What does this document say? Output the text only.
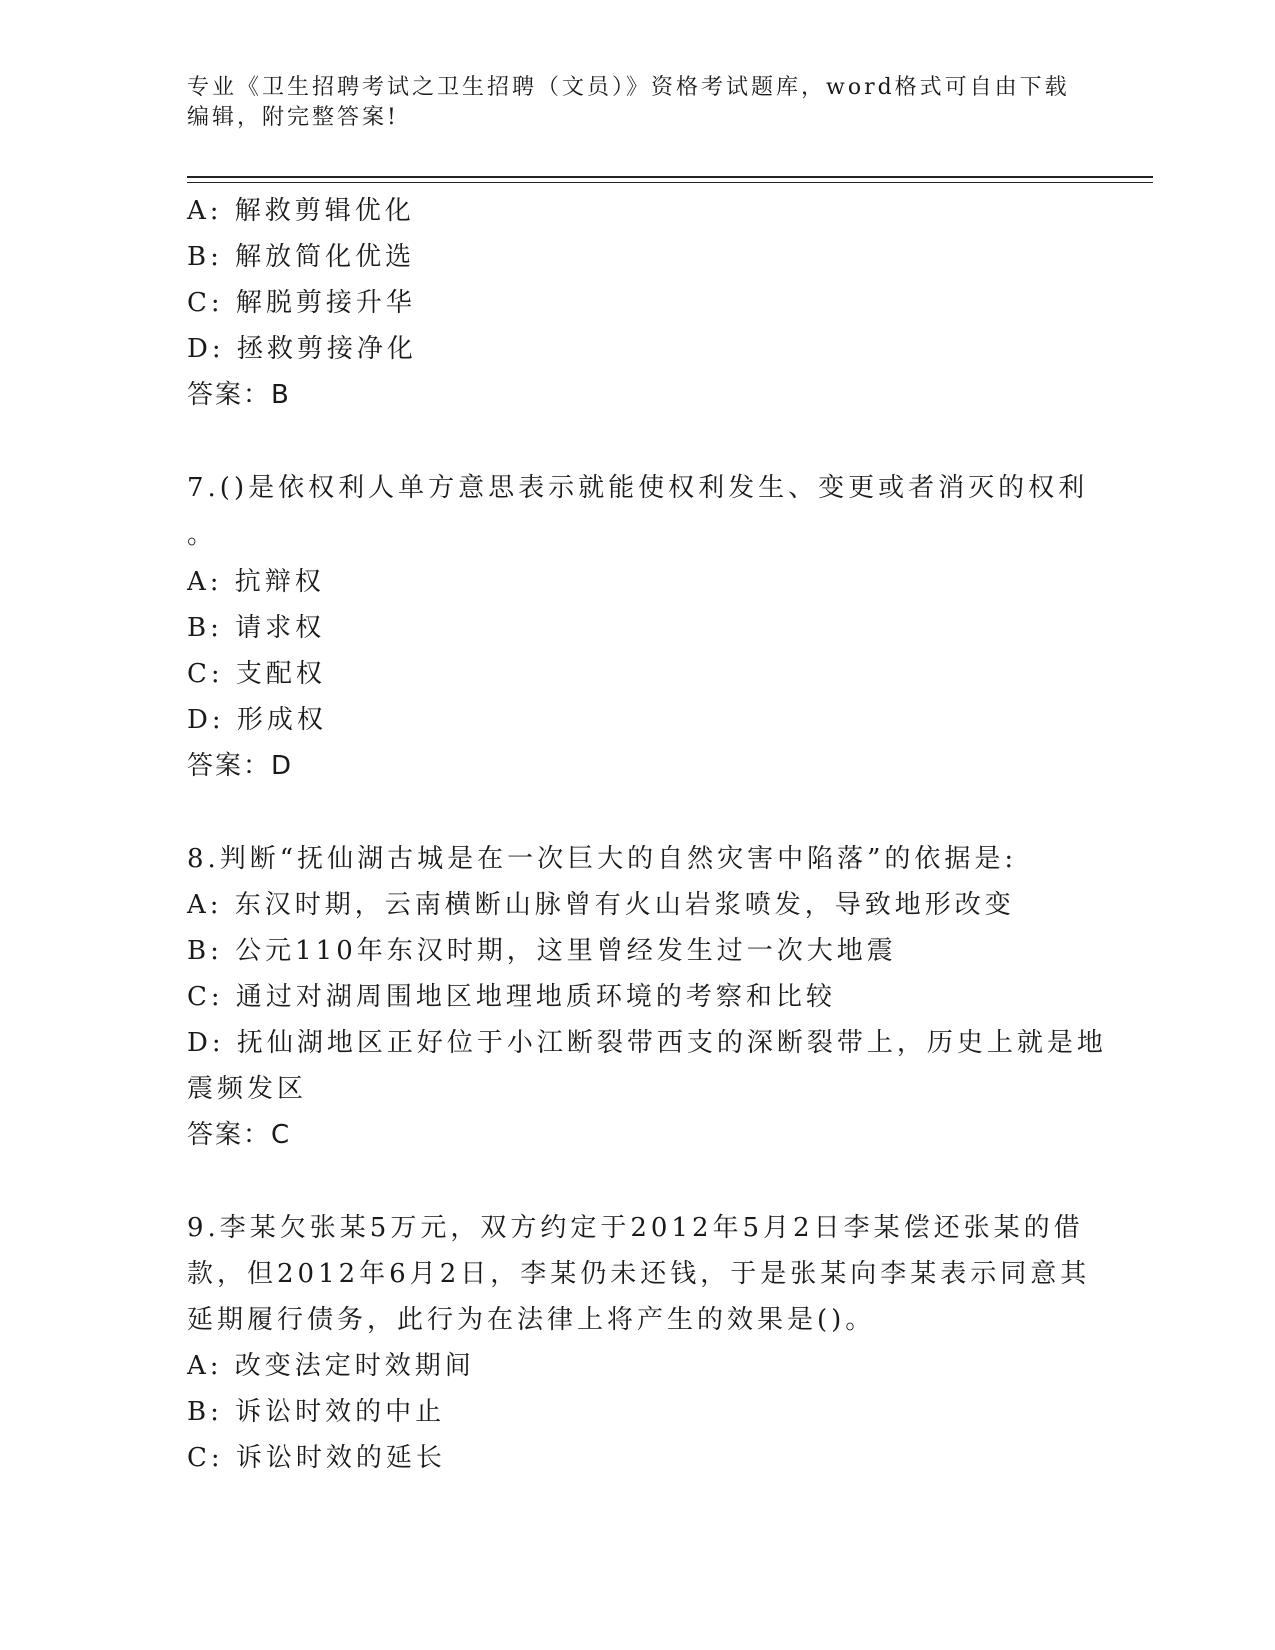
专业《卫生招聘考试之卫生招聘（文员）》资格考试题库，word格式可自由下载
编辑，附完整答案!
A: 解救剪辑优化
B: 解放简化优选
C: 解脱剪接升华
D: 拯救剪接净化
答案：B
7.()是依权利人单方意思表示就能使权利发生、变更或者消灭的权利
。
A: 抗辩权
B: 请求权
C: 支配权
D: 形成权
答案：D
8.判断“抚仙湖古城是在一次巨大的自然灾害中陷落”的依据是:
A: 东汉时期，云南横断山脉曾有火山岩浆喷发，导致地形改变
B: 公元110年东汉时期，这里曾经发生过一次大地震
C: 通过对湖周围地区地理地质环境的考察和比较
D: 抚仙湖地区正好位于小江断裂带西支的深断裂带上，历史上就是地
震频发区
答案：C
9.李某欠张某5万元，双方约定于2012年5月2日李某偿还张某的借
款，但2012年6月2日，李某仍未还钱，于是张某向李某表示同意其
延期履行债务，此行为在法律上将产生的效果是()。
A: 改变法定时效期间
B: 诉讼时效的中止
C: 诉讼时效的延长
